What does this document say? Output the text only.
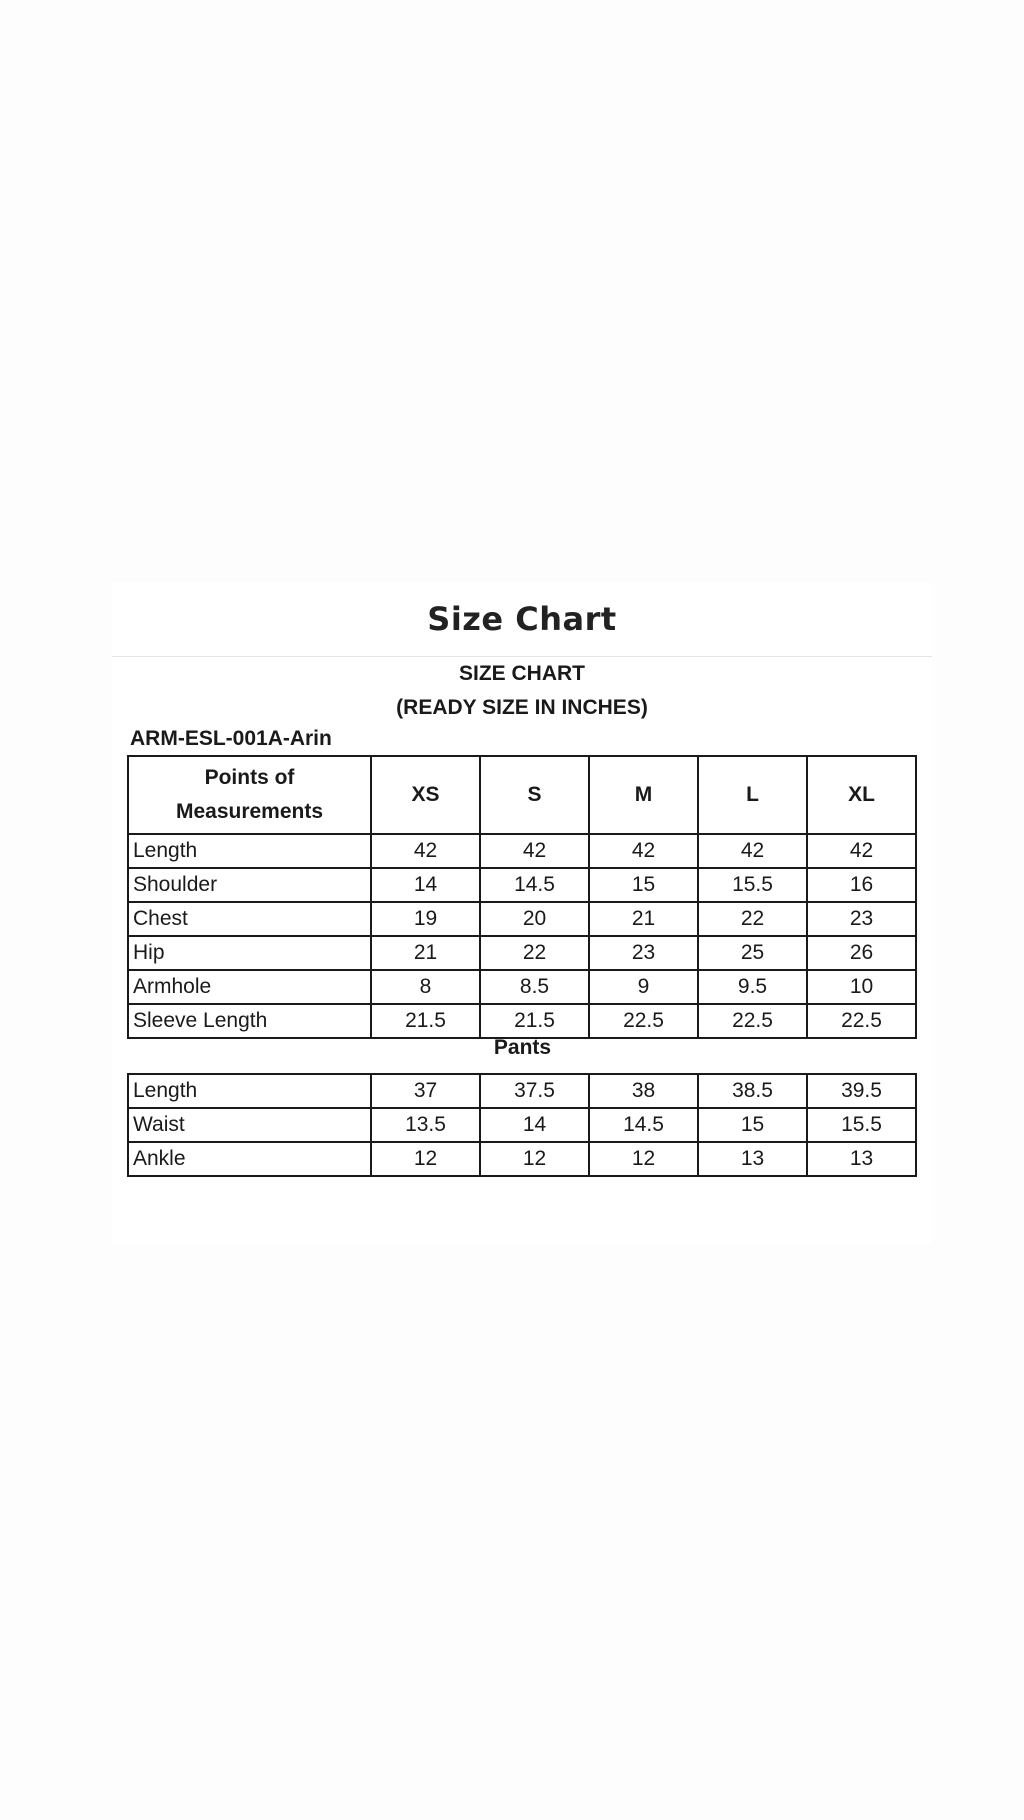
Size Chart
SIZE CHART
(READY SIZE IN INCHES)
ARM-ESL-001A-Arin
Points of
Measurements	XS	S	M	L	XL
Length	42	42	42	42	42
Shoulder	14	14.5	15	15.5	16
Chest	19	20	21	22	23
Hip	21	22	23	25	26
Armhole	8	8.5	9	9.5	10
Sleeve Length	21.5	21.5	22.5	22.5	22.5
Pants
Length	37	37.5	38	38.5	39.5
Waist	13.5	14	14.5	15	15.5
Ankle	12	12	12	13	13
